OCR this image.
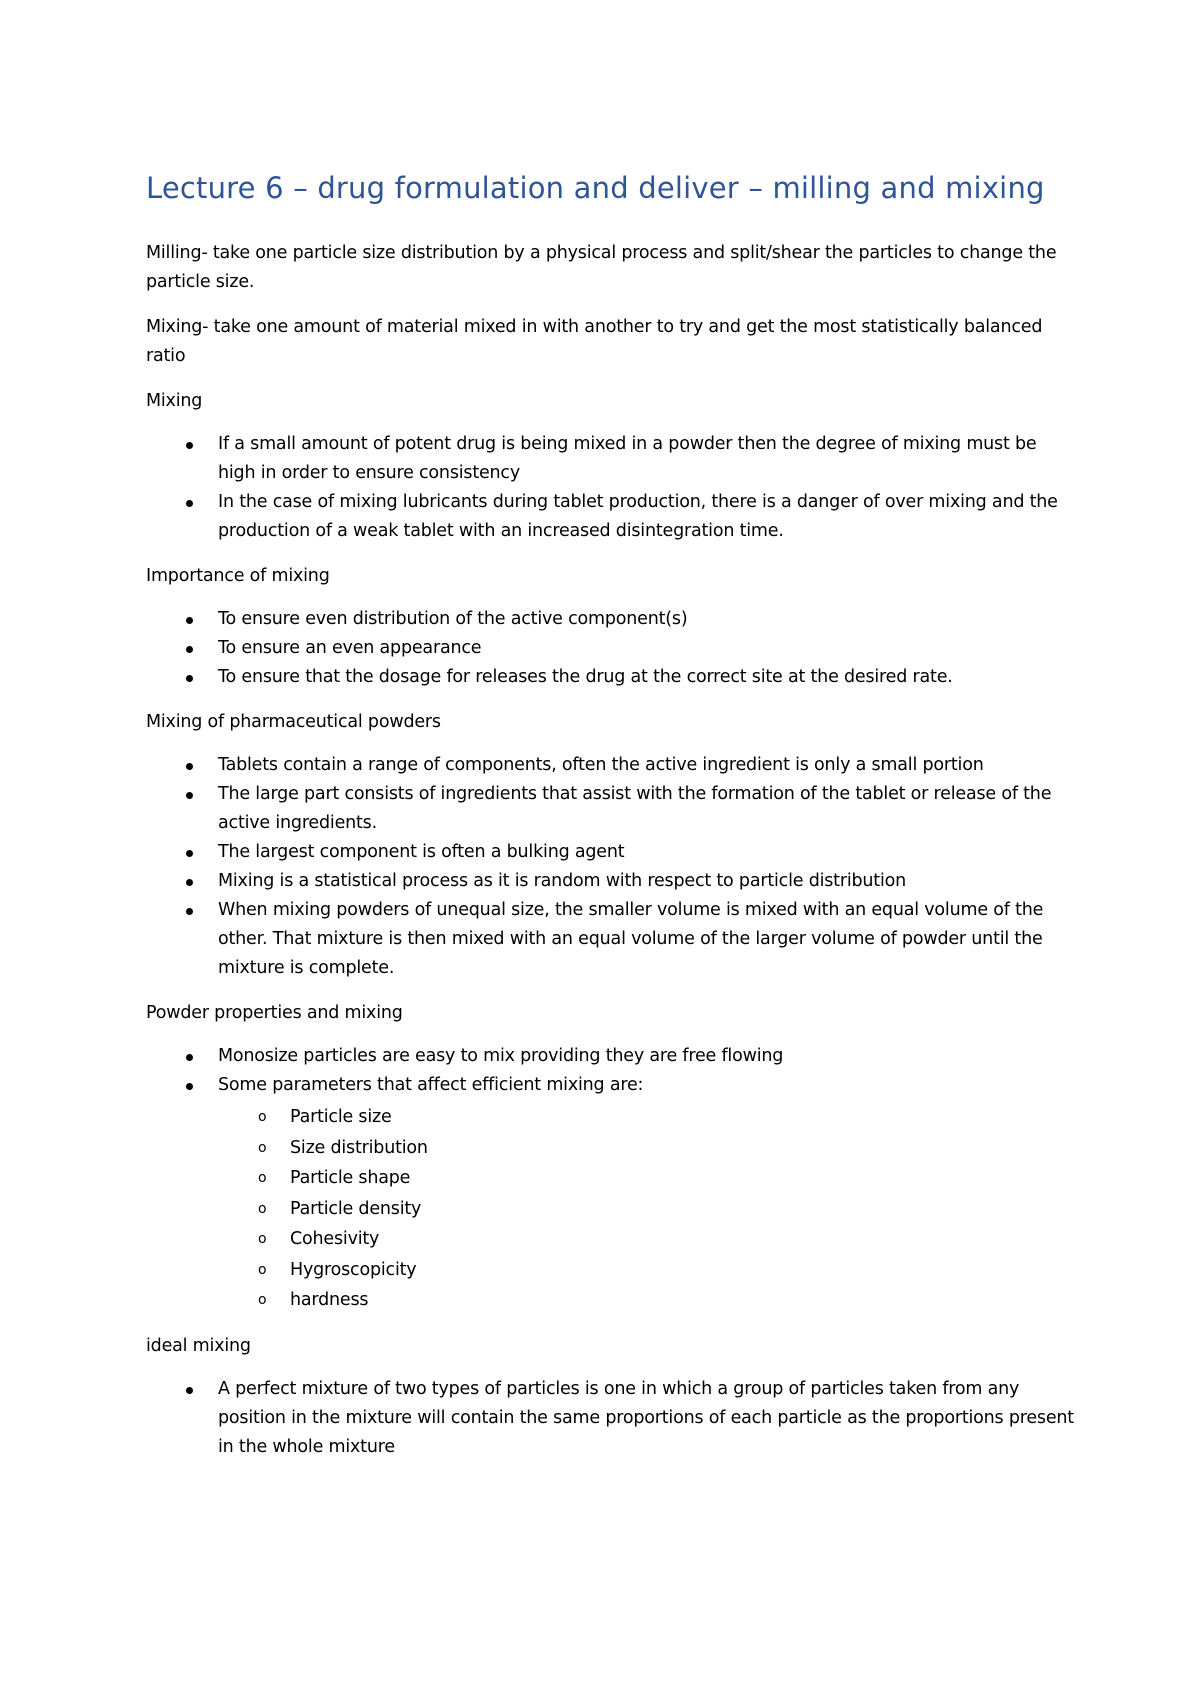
Lecture 6 – drug formulation and deliver – milling and mixing

Milling- take one particle size distribution by a physical process and split/shear the particles to change the particle size.

Mixing- take one amount of material mixed in with another to try and get the most statistically balanced ratio

Mixing

If a small amount of potent drug is being mixed in a powder then the degree of mixing must be high in order to ensure consistency
In the case of mixing lubricants during tablet production, there is a danger of over mixing and the production of a weak tablet with an increased disintegration time.

Importance of mixing

To ensure even distribution of the active component(s)
To ensure an even appearance
To ensure that the dosage for releases the drug at the correct site at the desired rate.

Mixing of pharmaceutical powders

Tablets contain a range of components, often the active ingredient is only a small portion
The large part consists of ingredients that assist with the formation of the tablet or release of the active ingredients.
The largest component is often a bulking agent
Mixing is a statistical process as it is random with respect to particle distribution
When mixing powders of unequal size, the smaller volume is mixed with an equal volume of the other. That mixture is then mixed with an equal volume of the larger volume of powder until the mixture is complete.

Powder properties and mixing

Monosize particles are easy to mix providing they are free flowing
Some parameters that affect efficient mixing are:
o Particle size
o Size distribution
o Particle shape
o Particle density
o Cohesivity
o Hygroscopicity
o hardness

ideal mixing

A perfect mixture of two types of particles is one in which a group of particles taken from any position in the mixture will contain the same proportions of each particle as the proportions present in the whole mixture
